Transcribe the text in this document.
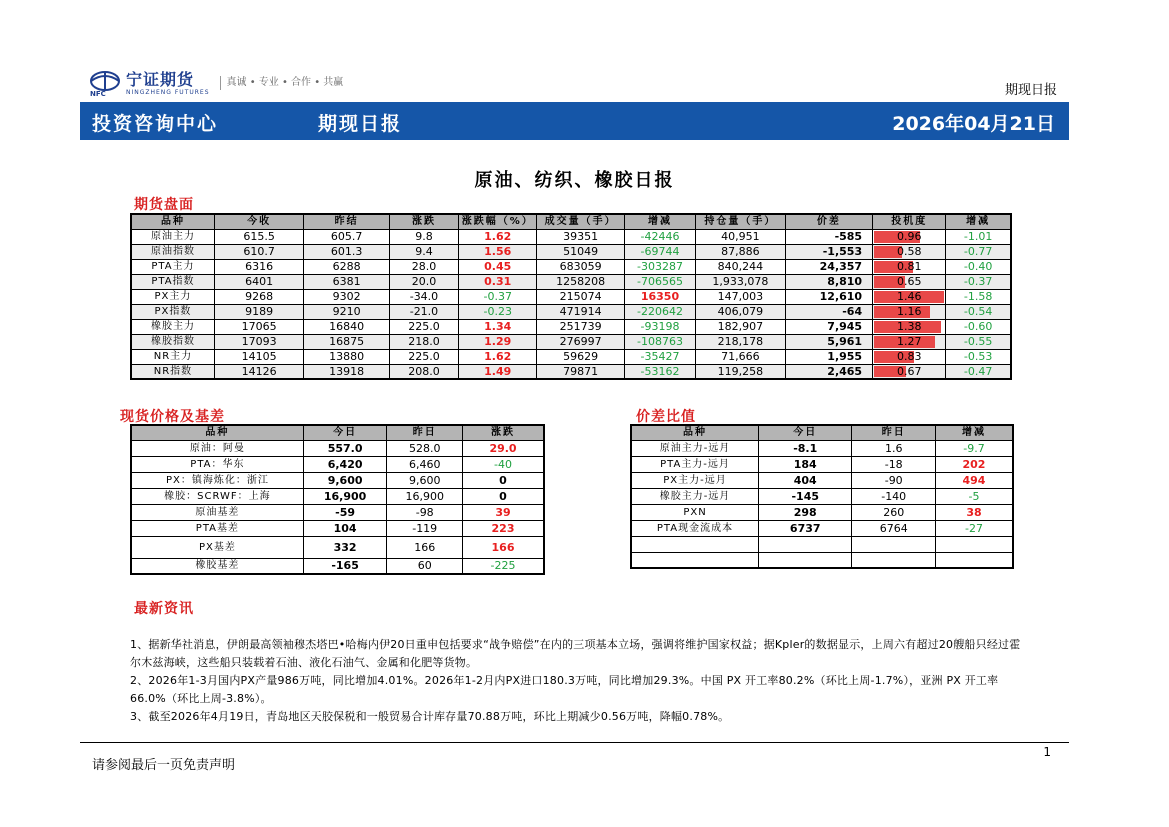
NFC
宁证期货
NINGZHENG FUTURES
真诚 • 专业 • 合作 • 共赢
期现日报
投资咨询中心	期现日报	2026年04月21日
原油、纺织、橡胶日报
期货盘面
品种	今收	昨结	涨跌	涨跌幅（%）	成交量（手）	增减	持仓量（手）	价差	投机度	增减
原油主力	615.5	605.7	9.8	1.62	39351	-42446	40,951	-585	0.96	-1.01
原油指数	610.7	601.3	9.4	1.56	51049	-69744	87,886	-1,553	0.58	-0.77
PTA主力	6316	6288	28.0	0.45	683059	-303287	840,244	24,357	0.81	-0.40
PTA指数	6401	6381	20.0	0.31	1258208	-706565	1,933,078	8,810	0.65	-0.37
PX主力	9268	9302	-34.0	-0.37	215074	16350	147,003	12,610	1.46	-1.58
PX指数	9189	9210	-21.0	-0.23	471914	-220642	406,079	-64	1.16	-0.54
橡胶主力	17065	16840	225.0	1.34	251739	-93198	182,907	7,945	1.38	-0.60
橡胶指数	17093	16875	218.0	1.29	276997	-108763	218,178	5,961	1.27	-0.55
NR主力	14105	13880	225.0	1.62	59629	-35427	71,666	1,955	0.83	-0.53
NR指数	14126	13918	208.0	1.49	79871	-53162	119,258	2,465	0.67	-0.47
现货价格及基差
品种	今日	昨日	涨跌
原油：阿曼	557.0	528.0	29.0
PTA：华东	6,420	6,460	-40
PX：镇海炼化：浙江	9,600	9,600	0
橡胶：SCRWF：上海	16,900	16,900	0
原油基差	-59	-98	39
PTA基差	104	-119	223
PX基差	332	166	166
橡胶基差	-165	60	-225
价差比值
品种	今日	昨日	增减
原油主力-远月	-8.1	1.6	-9.7
PTA主力-远月	184	-18	202
PX主力-远月	404	-90	494
橡胶主力-远月	-145	-140	-5
PXN	298	260	38
PTA现金流成本	6737	6764	-27

最新资讯

1、据新华社消息，伊朗最高领袖穆杰塔巴•哈梅内伊20日重申包括要求“战争赔偿”在内的三项基本立场，强调将维护国家权益；据Kpler的数据显示，上周六有超过20艘船只经过霍尔木兹海峡，这些船只装载着石油、液化石油气、金属和化肥等货物。

2、2026年1-3月国内PX产量986万吨，同比增加4.01%。2026年1-2月内PX进口180.3万吨，同比增加29.3%。中国 PX 开工率80.2%（环比上周-1.7%），亚洲 PX 开工率66.0%（环比上周-3.8%）。

3、截至2026年4月19日，青岛地区天胶保税和一般贸易合计库存量70.88万吨，环比上期减少0.56万吨，降幅0.78%。

请参阅最后一页免责声明
1
